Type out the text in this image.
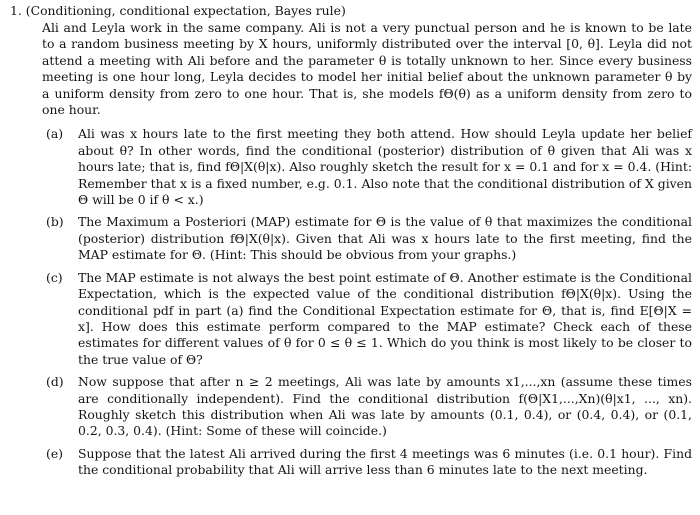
1. (Conditioning, conditional expectation, Bayes rule)

Ali and Leyla work in the same company. Ali is not a very punctual person and he is known to be late to a random business meeting by X hours, uniformly distributed over the interval [0, θ]. Leyla did not attend a meeting with Ali before and the parameter θ is totally unknown to her. Since every business meeting is one hour long, Leyla decides to model her initial belief about the unknown parameter θ by a uniform density from zero to one hour. That is, she models fΘ(θ) as a uniform density from zero to one hour.

(a)	Ali was x hours late to the first meeting they both attend. How should Leyla update her belief about θ? In other words, find the conditional (posterior) distribution of θ given that Ali was x hours late; that is, find fΘ|X(θ|x). Also roughly sketch the result for x = 0.1 and for x = 0.4. (Hint: Remember that x is a fixed number, e.g. 0.1. Also note that the conditional distribution of X given Θ will be 0 if θ < x.)
(b)	The Maximum a Posteriori (MAP) estimate for Θ is the value of θ that maximizes the conditional (posterior) distribution fΘ|X(θ|x). Given that Ali was x hours late to the first meeting, find the MAP estimate for Θ. (Hint: This should be obvious from your graphs.)
(c)	The MAP estimate is not always the best point estimate of Θ. Another estimate is the Conditional Expectation, which is the expected value of the conditional distribution fΘ|X(θ|x). Using the conditional pdf in part (a) find the Conditional Expectation estimate for Θ, that is, find E[Θ|X = x]. How does this estimate perform compared to the MAP estimate? Check each of these estimates for different values of θ for 0 ≤ θ ≤ 1. Which do you think is most likely to be closer to the true value of Θ?
(d)	Now suppose that after n ≥ 2 meetings, Ali was late by amounts x1,...,xn (assume these times are conditionally independent). Find the conditional distribution f(Θ|X1,...,Xn)(θ|x1, ..., xn). Roughly sketch this distribution when Ali was late by amounts (0.1, 0.4), or (0.4, 0.4), or (0.1, 0.2, 0.3, 0.4). (Hint: Some of these will coincide.)
(e)	Suppose that the latest Ali arrived during the first 4 meetings was 6 minutes (i.e. 0.1 hour). Find the conditional probability that Ali will arrive less than 6 minutes late to the next meeting.
